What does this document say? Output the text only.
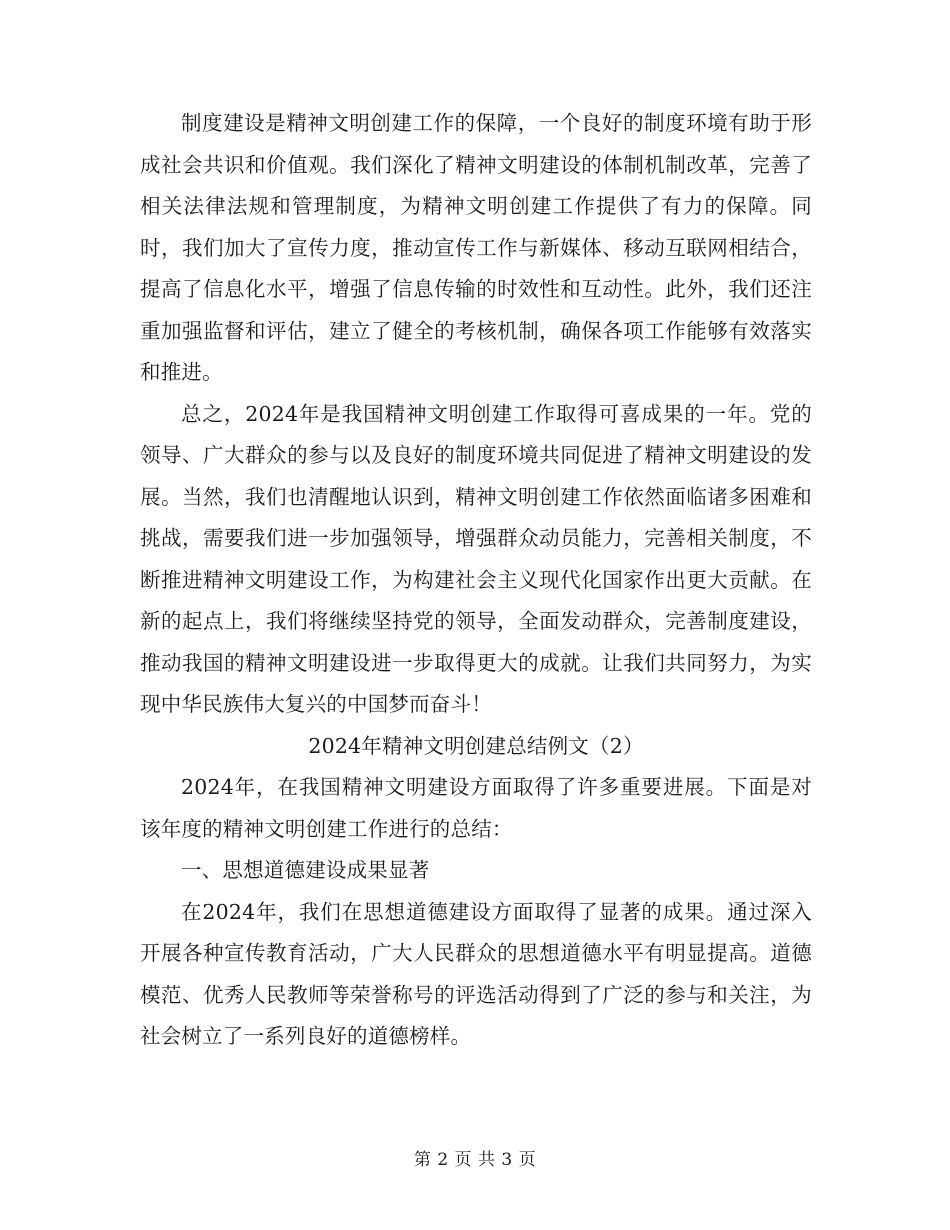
制度建设是精神文明创建工作的保障，一个良好的制度环境有助于形成社会共识和价值观。我们深化了精神文明建设的体制机制改革，完善了相关法律法规和管理制度，为精神文明创建工作提供了有力的保障。同时，我们加大了宣传力度，推动宣传工作与新媒体、移动互联网相结合，提高了信息化水平，增强了信息传输的时效性和互动性。此外，我们还注重加强监督和评估，建立了健全的考核机制，确保各项工作能够有效落实和推进。

总之，2024年是我国精神文明创建工作取得可喜成果的一年。党的领导、广大群众的参与以及良好的制度环境共同促进了精神文明建设的发展。当然，我们也清醒地认识到，精神文明创建工作依然面临诸多困难和挑战，需要我们进一步加强领导，增强群众动员能力，完善相关制度，不断推进精神文明建设工作，为构建社会主义现代化国家作出更大贡献。在新的起点上，我们将继续坚持党的领导，全面发动群众，完善制度建设，推动我国的精神文明建设进一步取得更大的成就。让我们共同努力，为实现中华民族伟大复兴的中国梦而奋斗！

2024年精神文明创建总结例文（2）

2024年，在我国精神文明建设方面取得了许多重要进展。下面是对该年度的精神文明创建工作进行的总结：

一、思想道德建设成果显著

在2024年，我们在思想道德建设方面取得了显著的成果。通过深入开展各种宣传教育活动，广大人民群众的思想道德水平有明显提高。道德模范、优秀人民教师等荣誉称号的评选活动得到了广泛的参与和关注，为社会树立了一系列良好的道德榜样。

第 2 页 共 3 页
